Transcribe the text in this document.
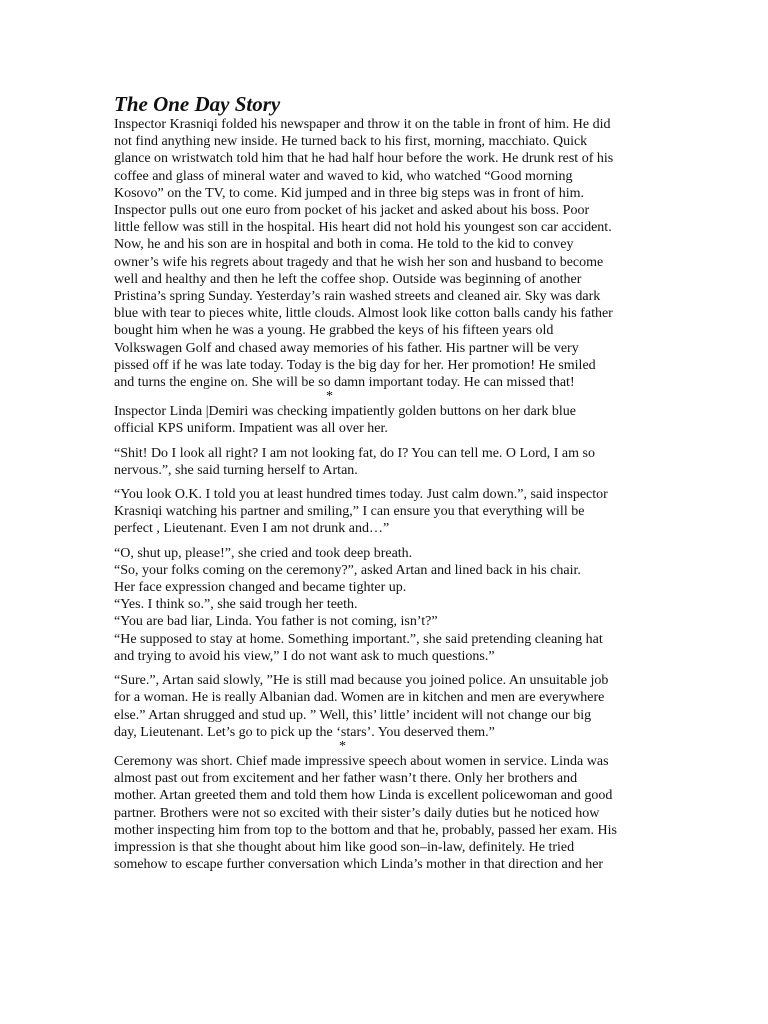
The One Day Story

Inspector Krasniqi folded his newspaper and throw it on the table in front of him. He did
not find anything new inside. He turned back to his first, morning, macchiato. Quick
glance on wristwatch told him that he had half hour before the work. He drunk rest of his
coffee and glass of mineral water and waved to kid, who watched “Good morning
Kosovo” on the TV, to come. Kid jumped and in three big steps was in front of him.
Inspector pulls out one euro from pocket of his jacket and asked about his boss. Poor
little fellow was still in the hospital. His heart did not hold his youngest son car accident.
Now, he and his son are in hospital and both in coma. He told to the kid to convey
owner’s wife his regrets about tragedy and that he wish her son and husband to become
well and healthy and then he left the coffee shop. Outside was beginning of another
Pristina’s spring Sunday. Yesterday’s rain washed streets and cleaned air. Sky was dark
blue with tear to pieces white, little clouds. Almost look like cotton balls candy his father
bought him when he was a young. He grabbed the keys of his fifteen years old
Volkswagen Golf and chased away memories of his father. His partner will be very
pissed off if he was late today. Today is the big day for her. Her promotion! He smiled
and turns the engine on. She will be so damn important today. He can missed that!

*

Inspector Linda |Demiri was checking impatiently golden buttons on her dark blue
official KPS uniform. Impatient was all over her.

“Shit! Do I look all right? I am not looking fat, do I? You can tell me. O Lord, I am so
nervous.”, she said turning herself to Artan.

“You look O.K. I told you at least hundred times today. Just calm down.”, said inspector
Krasniqi watching his partner and smiling,” I can ensure you that everything will be
perfect , Lieutenant. Even I am not drunk and…”

“O, shut up, please!”, she cried and took deep breath.
“So, your folks coming on the ceremony?”, asked Artan and lined back in his chair.
Her face expression changed and became tighter up.
“Yes. I think so.”, she said trough her teeth.
“You are bad liar, Linda. You father is not coming, isn’t?”
“He supposed to stay at home. Something important.”, she said pretending cleaning hat
and trying to avoid his view,” I do not want ask to much questions.”

“Sure.”, Artan said slowly, ”He is still mad because you joined police. An unsuitable job
for a woman. He is really Albanian dad. Women are in kitchen and men are everywhere
else.” Artan shrugged and stud up. ” Well, this’ little’ incident will not change our big
day, Lieutenant. Let’s go to pick up the ‘stars’. You deserved them.”

*

Ceremony was short. Chief made impressive speech about women in service. Linda was
almost past out from excitement and her father wasn’t there. Only her brothers and
mother. Artan greeted them and told them how Linda is excellent policewoman and good
partner. Brothers were not so excited with their sister’s daily duties but he noticed how
mother inspecting him from top to the bottom and that he, probably, passed her exam. His
impression is that she thought about him like good son–in-law, definitely. He tried
somehow to escape further conversation which Linda’s mother in that direction and her
